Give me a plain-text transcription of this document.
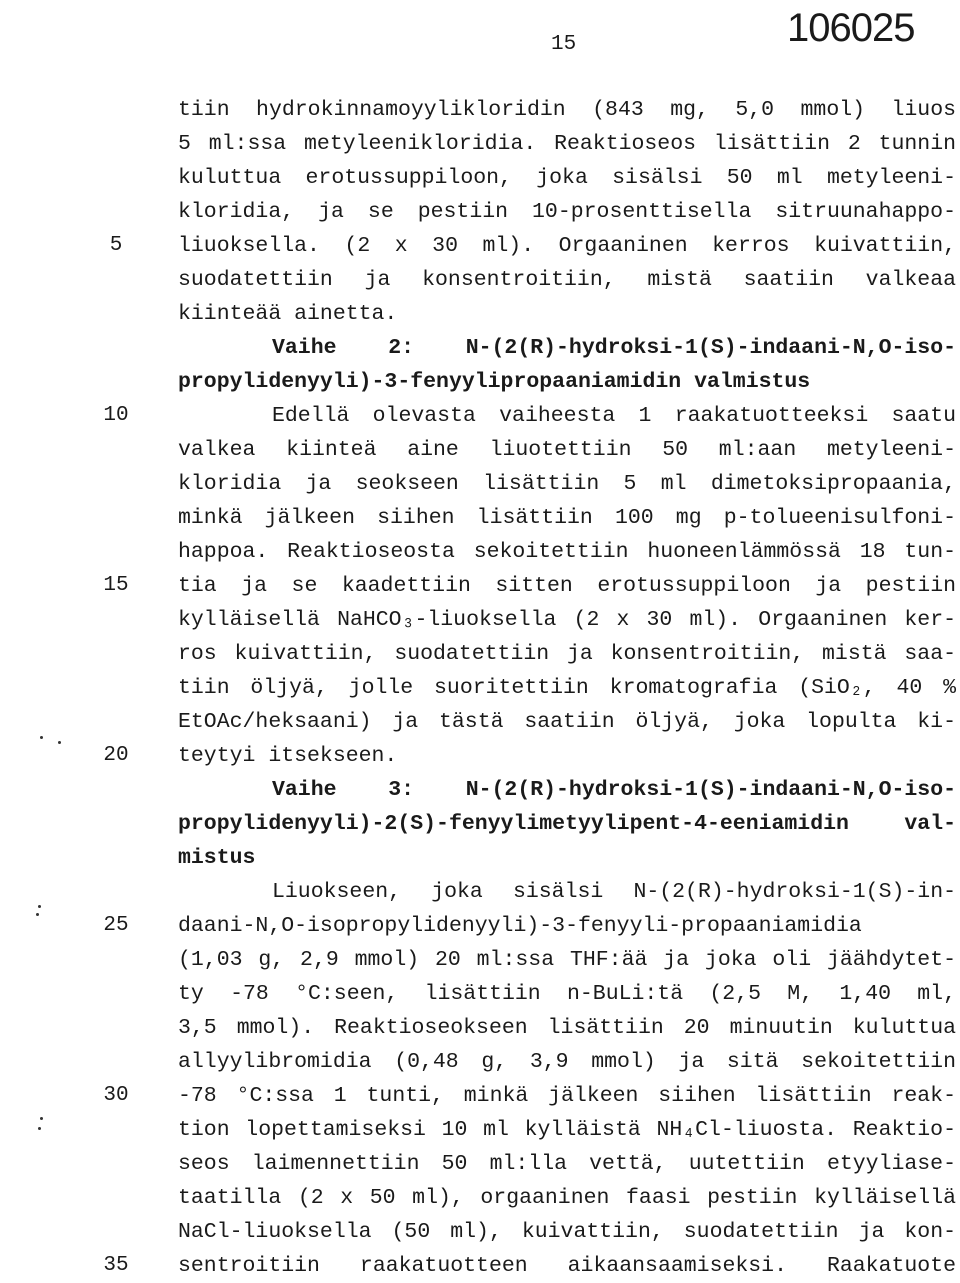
15	106025
tiin hydrokinnamoyylikloridin (843 mg, 5,0 mmol) liuos
5 ml:ssa metyleenikloridia. Reaktioseos lisättiin 2 tunnin
kuluttua erotussuppiloon, joka sisälsi 50 ml metyleeni-
kloridia, ja se pestiin 10-prosenttisella sitruunahappo-
liuoksella. (2 x 30 ml). Orgaaninen kerros kuivattiin,
suodatettiin ja konsentroitiin, mistä saatiin valkeaa
kiinteää ainetta.
Vaihe 2: N-(2(R)-hydroksi-1(S)-indaani-N,O-iso-
propylidenyyli)-3-fenyylipropaaniamidin valmistus
Edellä olevasta vaiheesta 1 raakatuotteeksi saatu
valkea kiinteä aine liuotettiin 50 ml:aan metyleeni-
kloridia ja seokseen lisättiin 5 ml dimetoksipropaania,
minkä jälkeen siihen lisättiin 100 mg p-tolueenisulfoni-
happoa. Reaktioseosta sekoitettiin huoneenlämmössä 18 tun-
tia ja se kaadettiin sitten erotussuppiloon ja pestiin
kylläisellä NaHCO₃-liuoksella (2 x 30 ml). Orgaaninen ker-
ros kuivattiin, suodatettiin ja konsentroitiin, mistä saa-
tiin öljyä, jolle suoritettiin kromatografia (SiO₂, 40 %
EtOAc/heksaani) ja tästä saatiin öljyä, joka lopulta ki-
teytyi itsekseen.
Vaihe 3: N-(2(R)-hydroksi-1(S)-indaani-N,O-iso-
propylidenyyli)-2(S)-fenyylimetyylipent-4-eeniamidin val-
mistus
Liuokseen, joka sisälsi N-(2(R)-hydroksi-1(S)-in-
daani-N,O-isopropylidenyyli)-3-fenyyli-propaaniamidia
(1,03 g, 2,9 mmol) 20 ml:ssa THF:ää ja joka oli jäähdytet-
ty -78 °C:seen, lisättiin n-BuLi:tä (2,5 M, 1,40 ml,
3,5 mmol). Reaktioseokseen lisättiin 20 minuutin kuluttua
allyylibromidia (0,48 g, 3,9 mmol) ja sitä sekoitettiin
-78 °C:ssa 1 tunti, minkä jälkeen siihen lisättiin reak-
tion lopettamiseksi 10 ml kylläistä NH₄Cl-liuosta. Reaktio-
seos laimennettiin 50 ml:lla vettä, uutettiin etyyliase-
taatilla (2 x 50 ml), orgaaninen faasi pestiin kylläisellä
NaCl-liuoksella (50 ml), kuivattiin, suodatettiin ja kon-
sentroitiin raakatuotteen aikaansaamiseksi. Raakatuote
5
10
15
20
25
30
35
